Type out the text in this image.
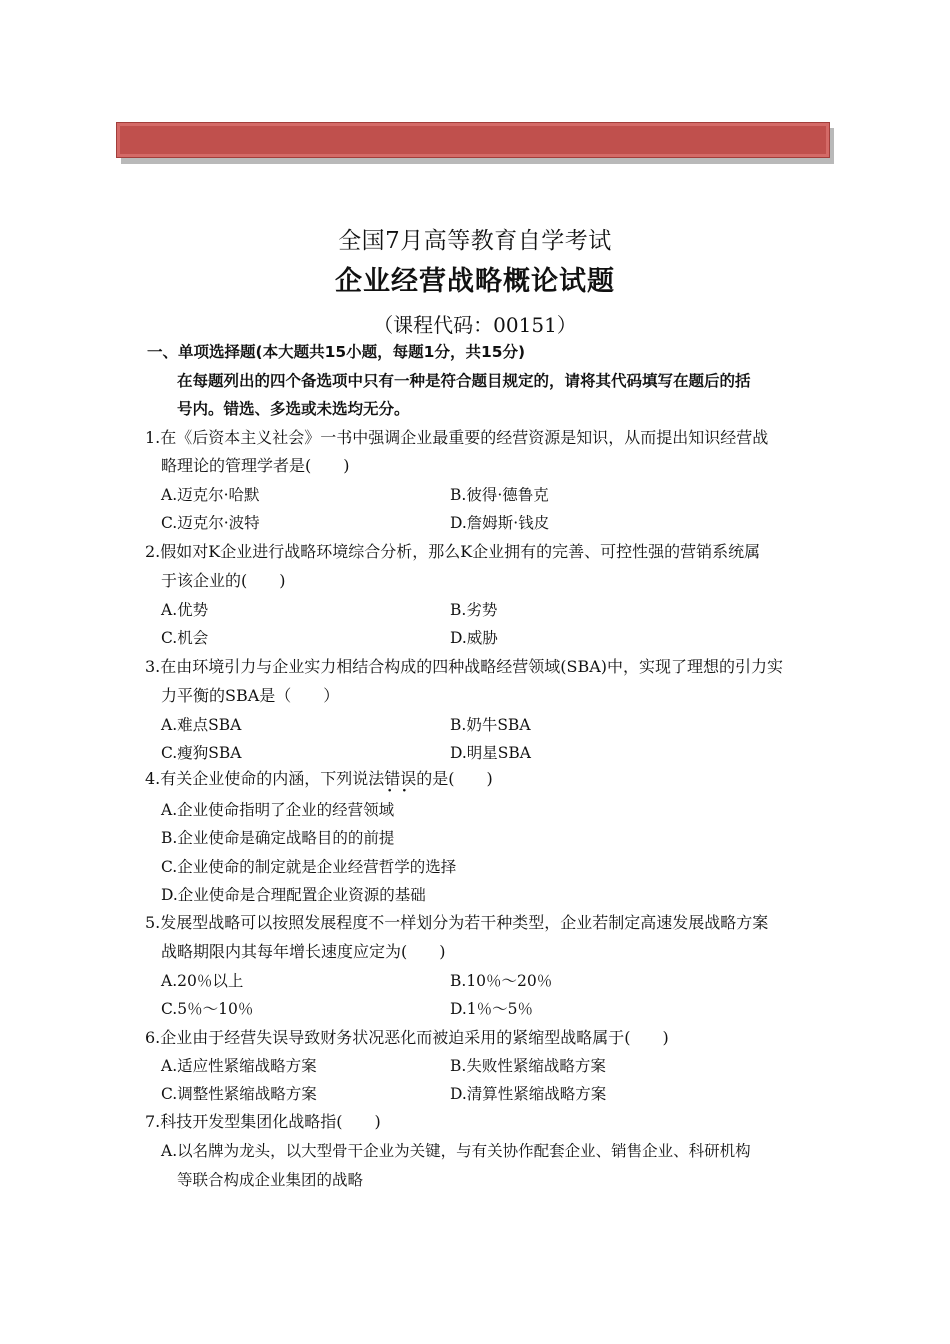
全国7月高等教育自学考试
企业经营战略概论试题
（课程代码：00151）
一、单项选择题(本大题共15小题，每题1分，共15分)
在每题列出的四个备选项中只有一种是符合题目规定的，请将其代码填写在题后的括
号内。错选、多选或未选均无分。
1.在《后资本主义社会》一书中强调企业最重要的经营资源是知识，从而提出知识经营战
略理论的管理学者是(　　)
A.迈克尔·哈默	B.彼得·德鲁克
C.迈克尔·波特	D.詹姆斯·钱皮
2.假如对K企业进行战略环境综合分析，那么K企业拥有的完善、可控性强的营销系统属
于该企业的(　　)
A.优势	B.劣势
C.机会	D.威胁
3.在由环境引力与企业实力相结合构成的四种战略经营领域(SBA)中，实现了理想的引力实
力平衡的SBA是（　　）
A.难点SBA	B.奶牛SBA
C.瘦狗SBA	D.明星SBA
4.有关企业使命的内涵，下列说法错误 ·  ·的是(　　)
A.企业使命指明了企业的经营领域
B.企业使命是确定战略目的的前提
C.企业使命的制定就是企业经营哲学的选择
D.企业使命是合理配置企业资源的基础
5.发展型战略可以按照发展程度不一样划分为若干种类型，企业若制定高速发展战略方案
战略期限内其每年增长速度应定为(　　)
A.20％以上	B.10％～20％
C.5％～10％	D.1％～5％
6.企业由于经营失误导致财务状况恶化而被迫采用的紧缩型战略属于(　　)
A.适应性紧缩战略方案	B.失败性紧缩战略方案
C.调整性紧缩战略方案	D.清算性紧缩战略方案
7.科技开发型集团化战略指(　　)
A.以名牌为龙头，以大型骨干企业为关键，与有关协作配套企业、销售企业、科研机构
等联合构成企业集团的战略
